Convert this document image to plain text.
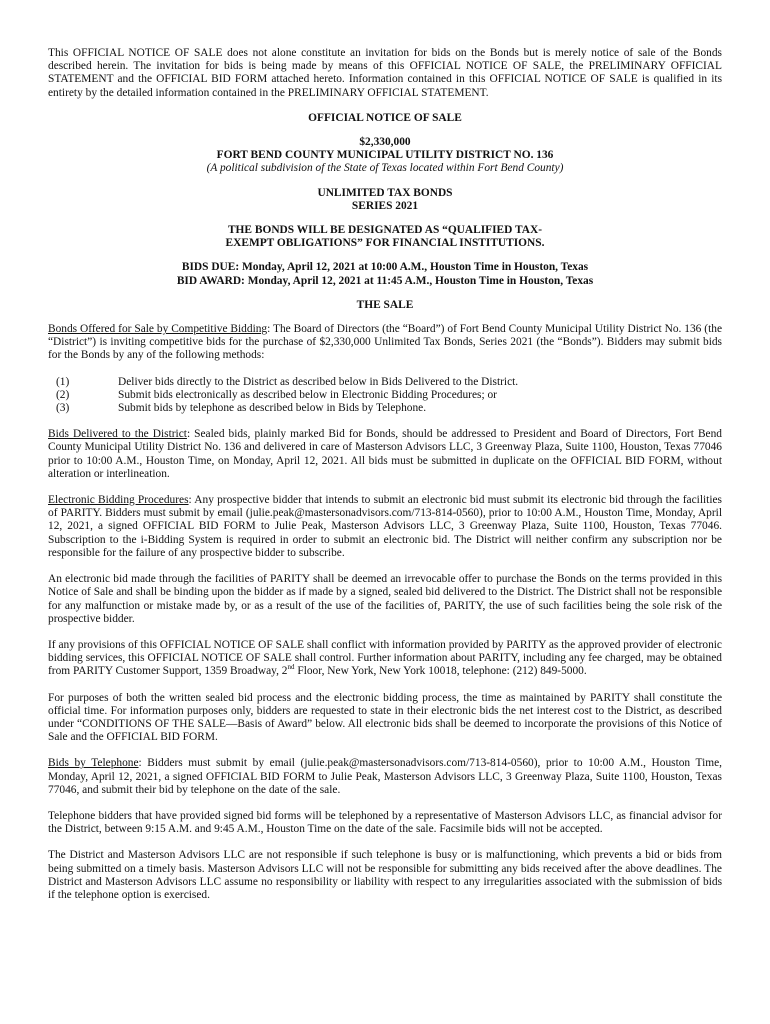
This OFFICIAL NOTICE OF SALE does not alone constitute an invitation for bids on the Bonds but is merely notice of sale of the Bonds described herein. The invitation for bids is being made by means of this OFFICIAL NOTICE OF SALE, the PRELIMINARY OFFICIAL STATEMENT and the OFFICIAL BID FORM attached hereto. Information contained in this OFFICIAL NOTICE OF SALE is qualified in its entirety by the detailed information contained in the PRELIMINARY OFFICIAL STATEMENT.

OFFICIAL NOTICE OF SALE

$2,330,000

FORT BEND COUNTY MUNICIPAL UTILITY DISTRICT NO. 136

(A political subdivision of the State of Texas located within Fort Bend County)

UNLIMITED TAX BONDS

SERIES 2021

THE BONDS WILL BE DESIGNATED AS “QUALIFIED TAX-

EXEMPT OBLIGATIONS” FOR FINANCIAL INSTITUTIONS.

BIDS DUE: Monday, April 12, 2021 at 10:00 A.M., Houston Time in Houston, Texas

BID AWARD: Monday, April 12, 2021 at 11:45 A.M., Houston Time in Houston, Texas

THE SALE

Bonds Offered for Sale by Competitive Bidding: The Board of Directors (the “Board”) of Fort Bend County Municipal Utility District No. 136 (the “District”) is inviting competitive bids for the purchase of $2,330,000 Unlimited Tax Bonds, Series 2021 (the “Bonds”). Bidders may submit bids for the Bonds by any of the following methods:

(1)	Deliver bids directly to the District as described below in Bids Delivered to the District.
(2)	Submit bids electronically as described below in Electronic Bidding Procedures; or
(3)	Submit bids by telephone as described below in Bids by Telephone.

Bids Delivered to the District: Sealed bids, plainly marked Bid for Bonds, should be addressed to President and Board of Directors, Fort Bend County Municipal Utility District No. 136 and delivered in care of Masterson Advisors LLC, 3 Greenway Plaza, Suite 1100, Houston, Texas 77046 prior to 10:00 A.M., Houston Time, on Monday, April 12, 2021. All bids must be submitted in duplicate on the OFFICIAL BID FORM, without alteration or interlineation.

Electronic Bidding Procedures: Any prospective bidder that intends to submit an electronic bid must submit its electronic bid through the facilities of PARITY. Bidders must submit by email (julie.peak@mastersonadvisors.com/713-814-0560), prior to 10:00 A.M., Houston Time, Monday, April 12, 2021, a signed OFFICIAL BID FORM to Julie Peak, Masterson Advisors LLC, 3 Greenway Plaza, Suite 1100, Houston, Texas 77046. Subscription to the i-Bidding System is required in order to submit an electronic bid. The District will neither confirm any subscription nor be responsible for the failure of any prospective bidder to subscribe.

An electronic bid made through the facilities of PARITY shall be deemed an irrevocable offer to purchase the Bonds on the terms provided in this Notice of Sale and shall be binding upon the bidder as if made by a signed, sealed bid delivered to the District. The District shall not be responsible for any malfunction or mistake made by, or as a result of the use of the facilities of, PARITY, the use of such facilities being the sole risk of the prospective bidder.

If any provisions of this OFFICIAL NOTICE OF SALE shall conflict with information provided by PARITY as the approved provider of electronic bidding services, this OFFICIAL NOTICE OF SALE shall control. Further information about PARITY, including any fee charged, may be obtained from PARITY Customer Support, 1359 Broadway, 2nd Floor, New York, New York 10018, telephone: (212) 849-5000.

For purposes of both the written sealed bid process and the electronic bidding process, the time as maintained by PARITY shall constitute the official time. For information purposes only, bidders are requested to state in their electronic bids the net interest cost to the District, as described under “CONDITIONS OF THE SALE—Basis of Award” below. All electronic bids shall be deemed to incorporate the provisions of this Notice of Sale and the OFFICIAL BID FORM.

Bids by Telephone: Bidders must submit by email (julie.peak@mastersonadvisors.com/713-814-0560), prior to 10:00 A.M., Houston Time, Monday, April 12, 2021, a signed OFFICIAL BID FORM to Julie Peak, Masterson Advisors LLC, 3 Greenway Plaza, Suite 1100, Houston, Texas 77046, and submit their bid by telephone on the date of the sale.

Telephone bidders that have provided signed bid forms will be telephoned by a representative of Masterson Advisors LLC, as financial advisor for the District, between 9:15 A.M. and 9:45 A.M., Houston Time on the date of the sale. Facsimile bids will not be accepted.

The District and Masterson Advisors LLC are not responsible if such telephone is busy or is malfunctioning, which prevents a bid or bids from being submitted on a timely basis. Masterson Advisors LLC will not be responsible for submitting any bids received after the above deadlines. The District and Masterson Advisors LLC assume no responsibility or liability with respect to any irregularities associated with the submission of bids if the telephone option is exercised.
